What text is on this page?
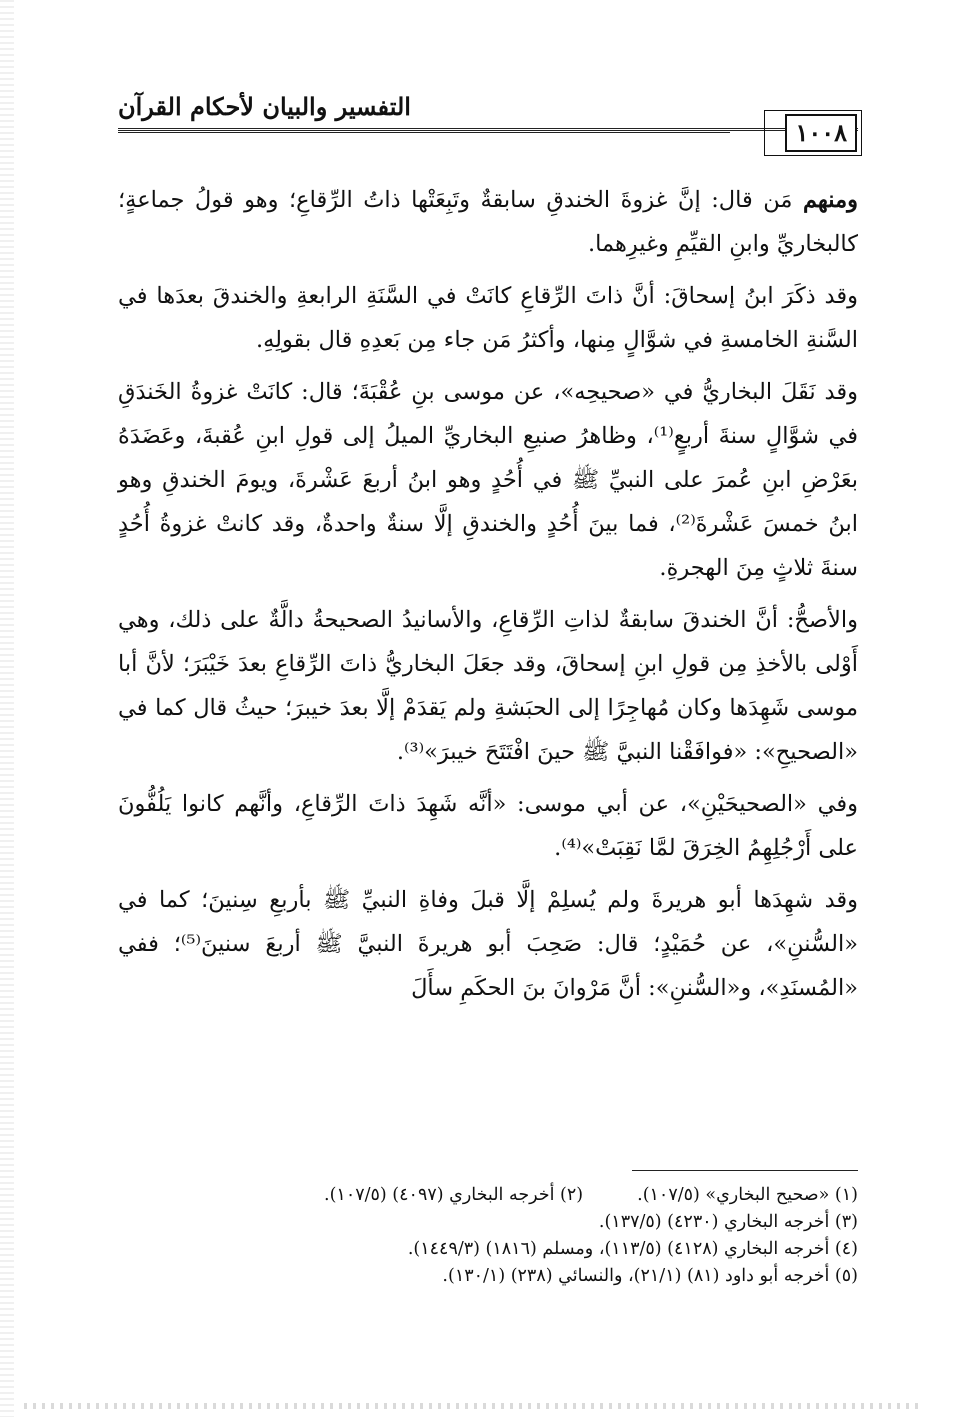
التفسير والبيان لأحكام القرآن
١٠٠٨

ومنهم مَن قال: إنَّ غزوةَ الخندقِ سابقةٌ وتَبِعَتْها ذاتُ الرِّقاعِ؛ وهو قولُ جماعةٍ؛ كالبخاريِّ وابنِ القيِّمِ وغيرِهما.

وقد ذكَرَ ابنُ إسحاقَ: أنَّ ذاتَ الرِّقاعِ كانَتْ في السَّنَةِ الرابعةِ والخندقَ بعدَها في السَّنةِ الخامسةِ في شوَّالٍ مِنها، وأكثرُ مَن جاء مِن بَعدِهِ قال بقولِهِ.

وقد نَقَلَ البخاريُّ في «صحيحِه»، عن موسى بنِ عُقْبَةَ؛ قال: كانَتْ غزوةُ الخَندَقِ في شوَّالٍ سنةَ أربعٍ⁽¹⁾، وظاهرُ صنيعِ البخاريِّ الميلُ إلى قولِ ابنِ عُقبةَ، وعَضَدَهُ بعَرْضِ ابنِ عُمرَ على النبيِّ ﷺ في أُحُدٍ وهو ابنُ أربعَ عَشْرةَ، ويومَ الخندقِ وهو ابنُ خمسَ عَشْرةَ⁽²⁾، فما بينَ أُحُدٍ والخندقِ إلَّا سنةٌ واحدةٌ، وقد كانتْ غزوةُ أُحُدٍ سنةَ ثلاثٍ مِنَ الهجرةِ.

والأصحُّ: أنَّ الخندقَ سابقةٌ لذاتِ الرِّقاعِ، والأسانيدُ الصحيحةُ دالَّةٌ على ذلك، وهي أَوْلى بالأخذِ مِن قولِ ابنِ إسحاقَ، وقد جعَلَ البخاريُّ ذاتَ الرِّقاعِ بعدَ خَيْبَرَ؛ لأنَّ أبا موسى شَهِدَها وكان مُهاجِرًا إلى الحبَشةِ ولم يَقدَمْ إلَّا بعدَ خيبرَ؛ حيثُ قال كما في «الصحيحِ»: «فوافَقْنا النبيَّ ﷺ حينَ افْتَتَحَ خيبرَ»⁽³⁾.

وفي «الصحيحَيْنِ»، عن أبي موسى: «أنَّه شَهِدَ ذاتَ الرِّقاعِ، وأنَّهم كانوا يَلُفُّونَ على أَرْجُلِهِمُ الخِرَقَ لمَّا نَقِبَتْ»⁽⁴⁾.

وقد شهِدَها أبو هريرةَ ولم يُسلِمْ إلَّا قبلَ وفاةِ النبيِّ ﷺ بأربعِ سِنينَ؛ كما في «السُّننِ»، عن حُمَيْدٍ؛ قال: صَحِبَ أبو هريرةَ النبيَّ ﷺ أربعَ سنينَ⁽⁵⁾؛ ففي «المُسنَدِ»، و«السُّننِ»: أنَّ مَرْوانَ بنَ الحكَمِ سأَلَ

(١) «صحيح البخاري» (١٠٧/٥).
(٢) أخرجه البخاري (٤٠٩٧) (١٠٧/٥).
(٣) أخرجه البخاري (٤٢٣٠) (١٣٧/٥).
(٤) أخرجه البخاري (٤١٢٨) (١١٣/٥)، ومسلم (١٨١٦) (١٤٤٩/٣).
(٥) أخرجه أبو داود (٨١) (٢١/١)، والنسائي (٢٣٨) (١٣٠/١).
